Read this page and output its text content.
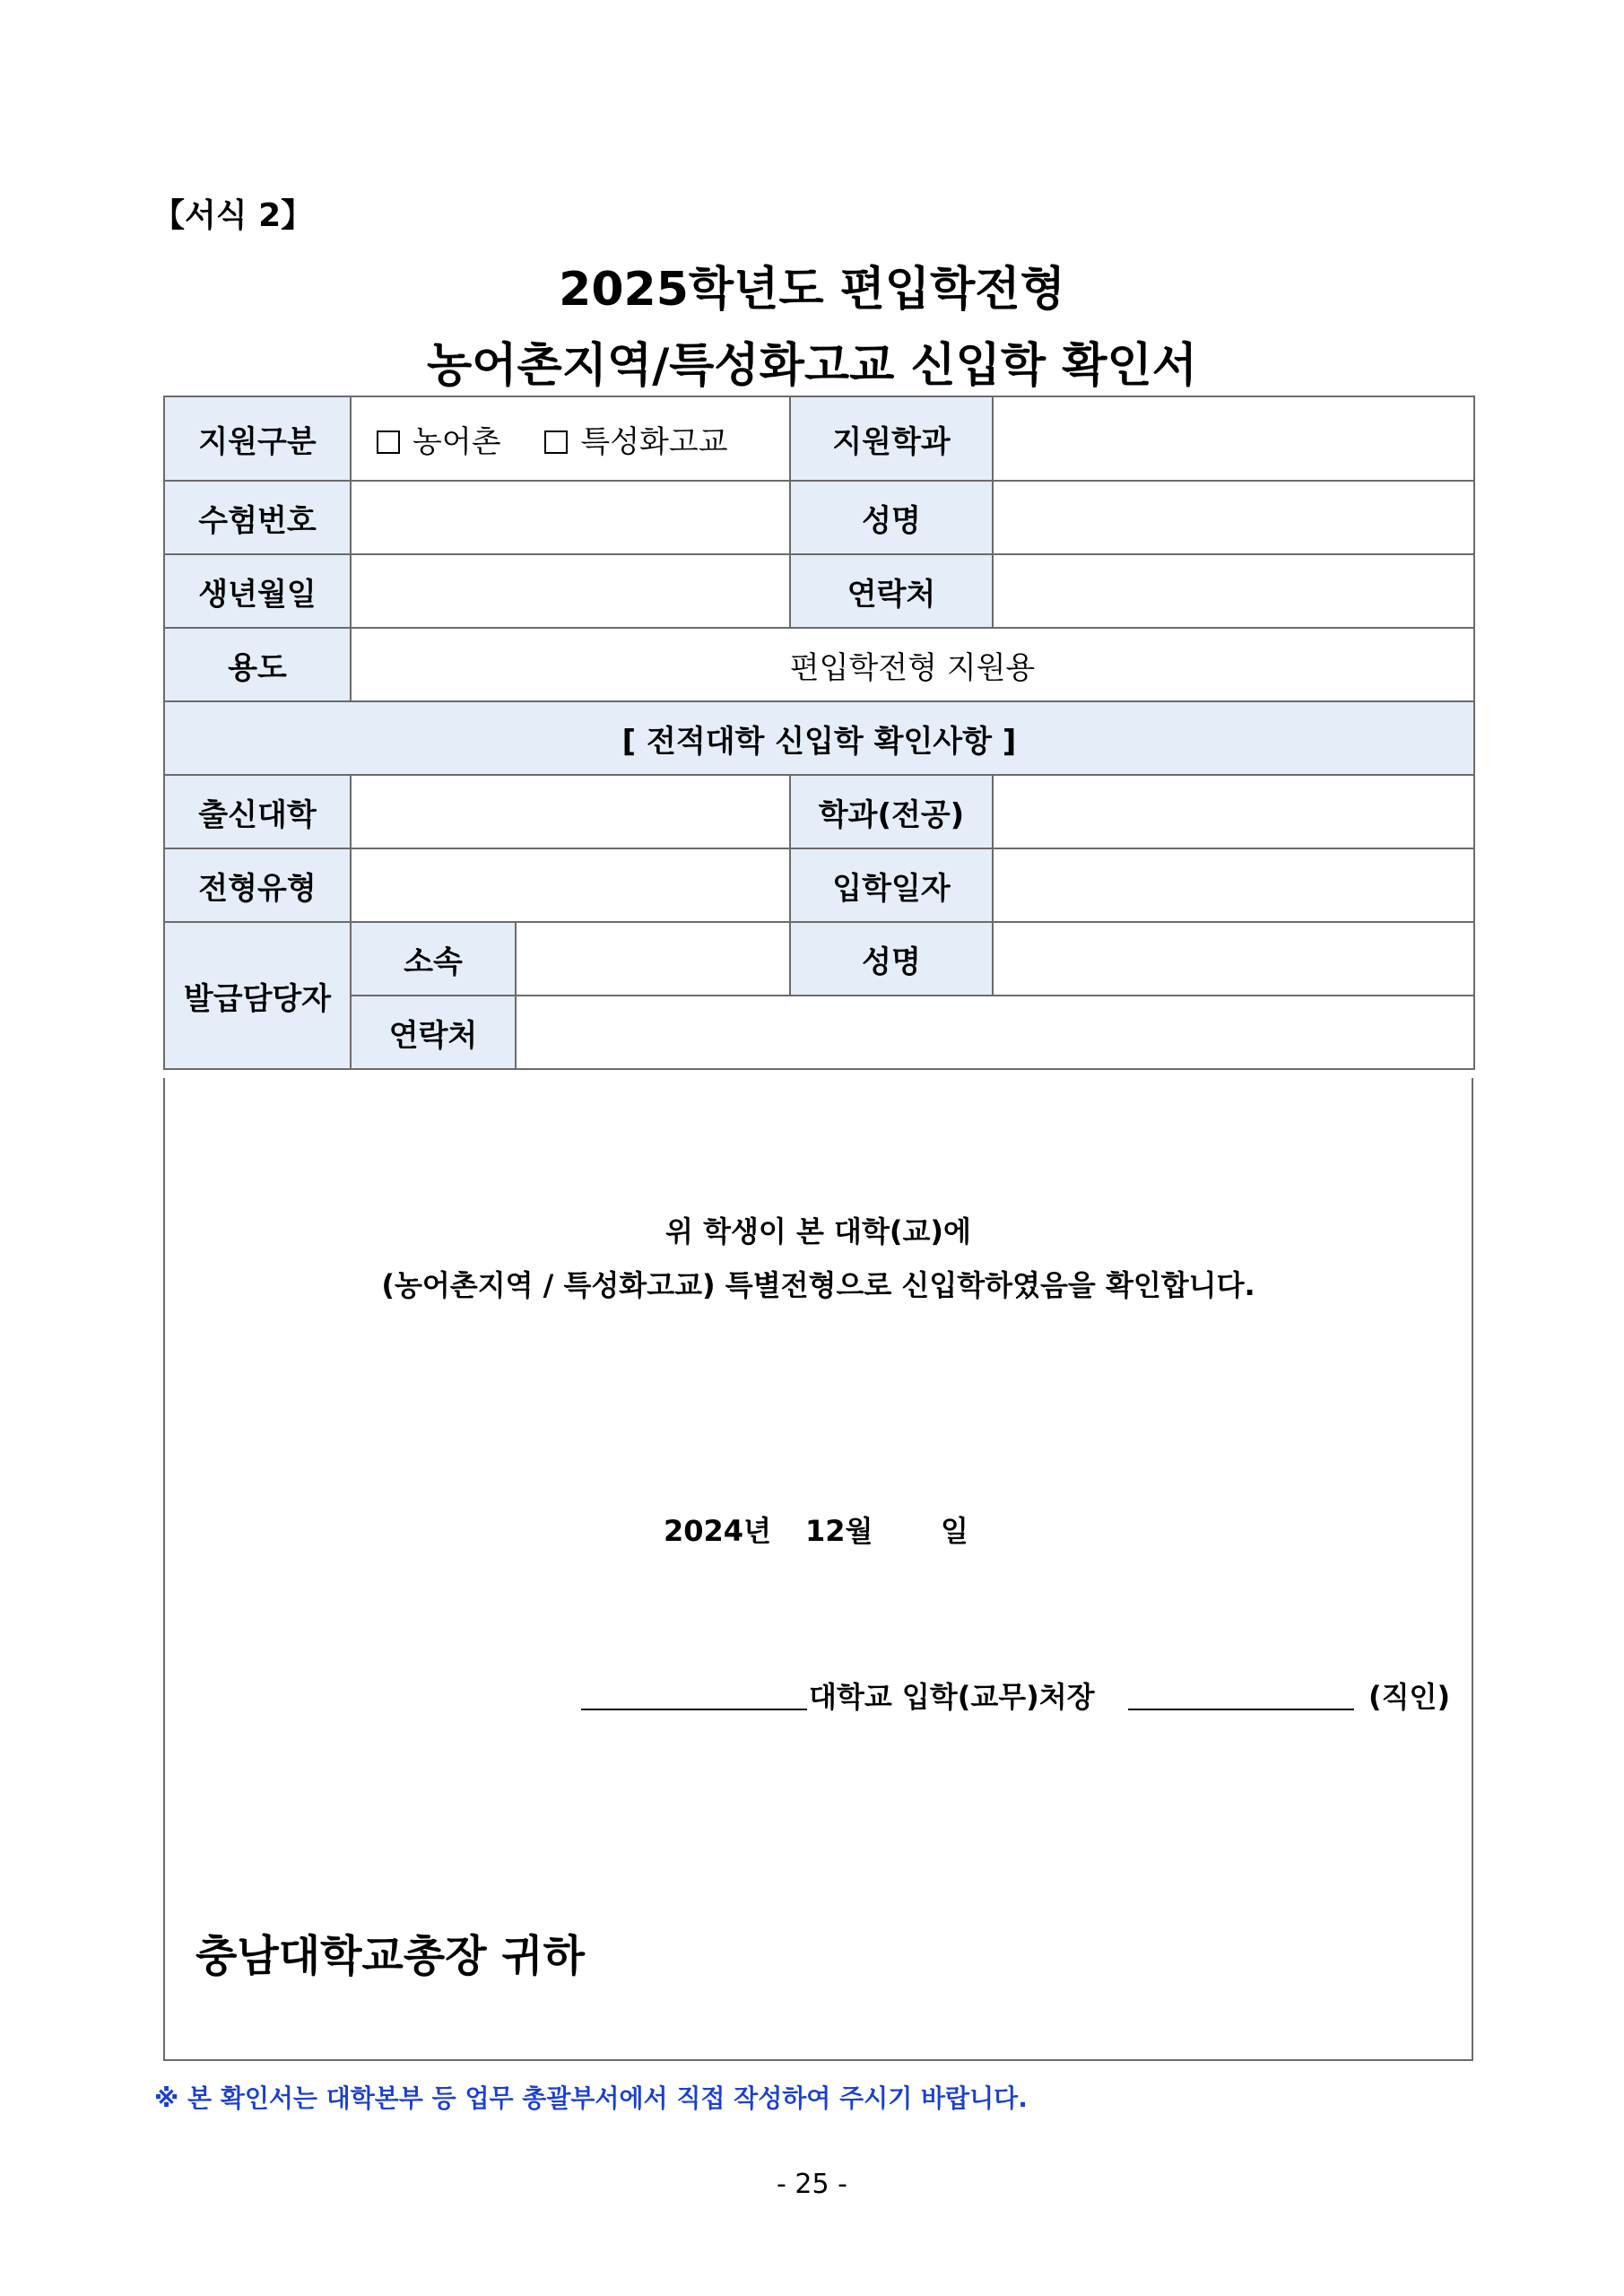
【서식 2】
2025학년도 편입학전형
농어촌지역/특성화고교 신입학 확인서
지원구분	농어촌 특성화고교		지원학과	
수험번호			성명	
생년월일			연락처	
용도	편입학전형 지원용			
[ 전적대학 신입학 확인사항 ]				
출신대학			학과(전공)	
전형유형			입학일자	
발급담당자	소속		성명	
	연락처			
위 학생이 본 대학(교)에
(농어촌지역 / 특성화고교) 특별전형으로 신입학하였음을 확인합니다.
2024년 12월 일
대학교 입학(교무)처장	(직인)
충남대학교총장 귀하
※ 본 확인서는 대학본부 등 업무 총괄부서에서 직접 작성하여 주시기 바랍니다.
- 25 -
